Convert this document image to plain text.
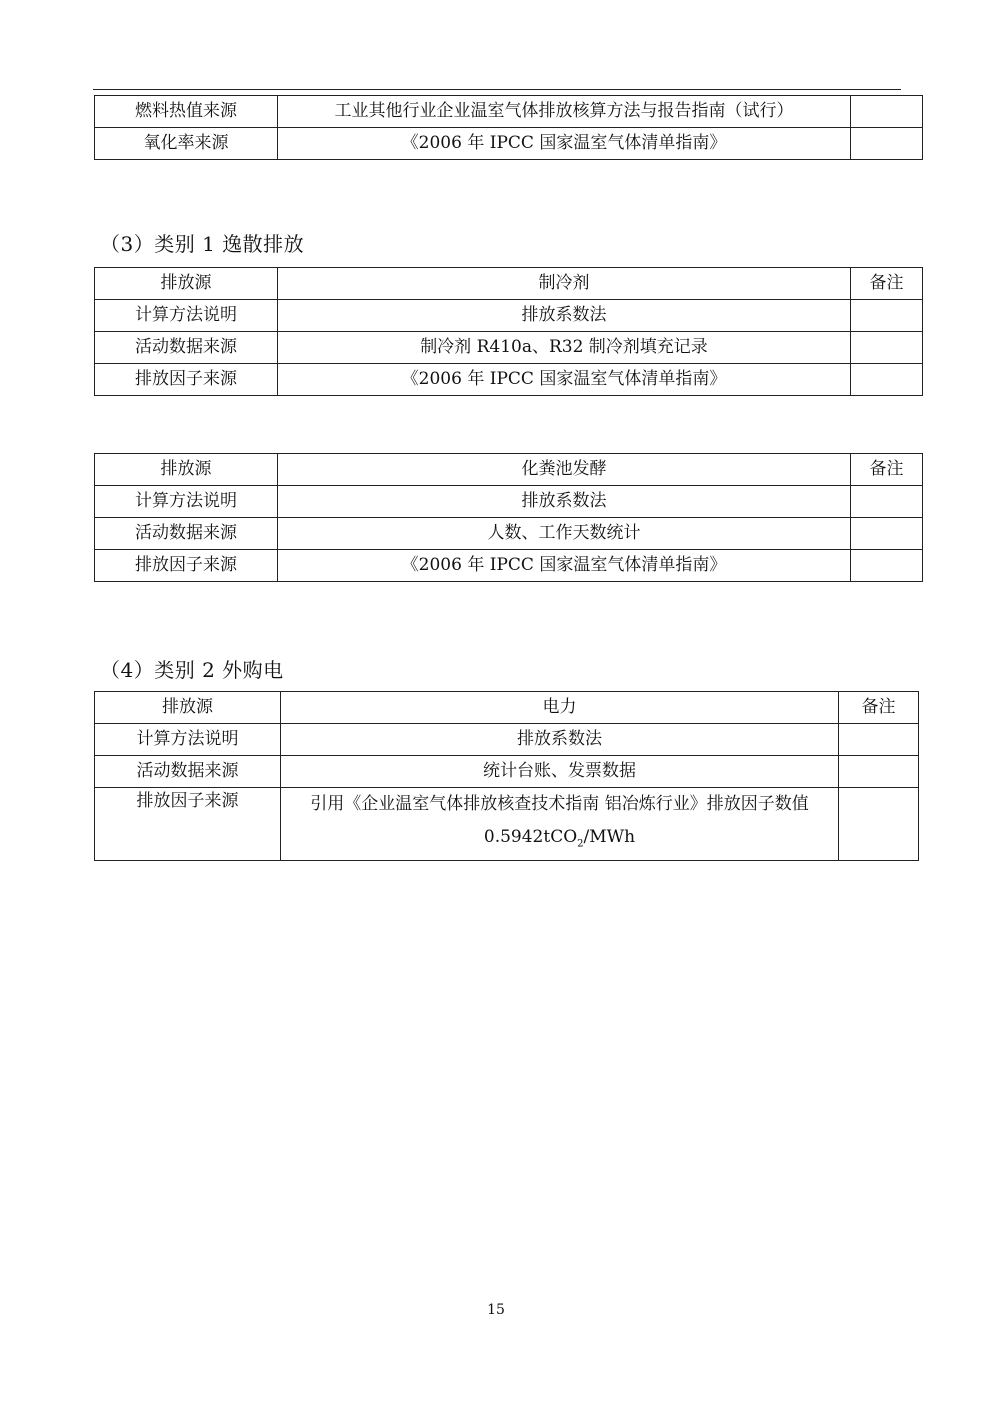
燃料热值来源	工业其他行业企业温室气体排放核算方法与报告指南（试行）	
氧化率来源	《2006 年 IPCC 国家温室气体清单指南》	
（3）类别 1 逸散排放
排放源	制冷剂	备注
计算方法说明	排放系数法	
活动数据来源	制冷剂 R410a、R32 制冷剂填充记录	
排放因子来源	《2006 年 IPCC 国家温室气体清单指南》	
排放源	化粪池发酵	备注
计算方法说明	排放系数法	
活动数据来源	人数、工作天数统计	
排放因子来源	《2006 年 IPCC 国家温室气体清单指南》	
（4）类别 2 外购电
排放源	电力	备注
计算方法说明	排放系数法	
活动数据来源	统计台账、发票数据	
排放因子来源	引用《企业温室气体排放核查技术指南 铝冶炼行业》排放因子数值 0.5942tCO$_2$/MWh	
15
